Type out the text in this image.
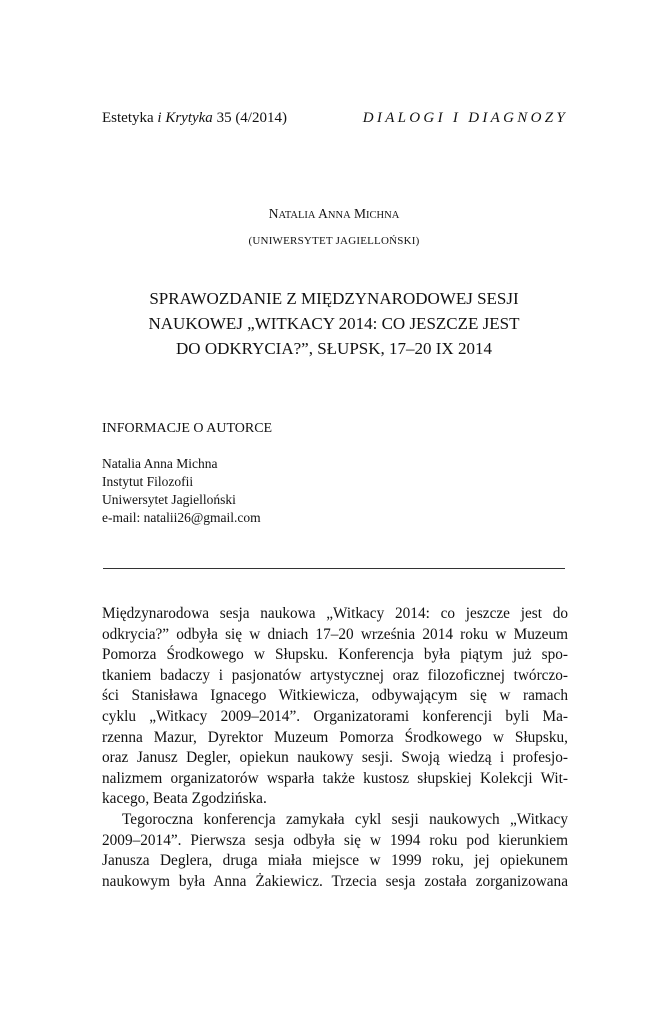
Estetyka i Krytyka 35 (4/2014)	DIALOGI I DIAGNOZY
NATALIA ANNA MICHNA
(UNIWERSYTET JAGIELLOŃSKI)
SPRAWOZDANIE Z MIĘDZYNARODOWEJ SESJI
NAUKOWEJ „WITKACY 2014: CO JESZCZE JEST
DO ODKRYCIA?”, SŁUPSK, 17–20 IX 2014
INFORMACJE O AUTORCE
Natalia Anna Michna
Instytut Filozofii
Uniwersytet Jagielloński
e-mail: natalii26@gmail.com
Międzynarodowa sesja naukowa „Witkacy 2014: co jeszcze jest do
odkrycia?” odbyła się w dniach 17–20 września 2014 roku w Muzeum
Pomorza Środkowego w Słupsku. Konferencja była piątym już spo-
tkaniem badaczy i pasjonatów artystycznej oraz filozoficznej twórczo-
ści Stanisława Ignacego Witkiewicza, odbywającym się w ramach
cyklu „Witkacy 2009–2014”. Organizatorami konferencji byli Ma-
rzenna Mazur, Dyrektor Muzeum Pomorza Środkowego w Słupsku,
oraz Janusz Degler, opiekun naukowy sesji. Swoją wiedzą i profesjo-
nalizmem organizatorów wsparła także kustosz słupskiej Kolekcji Wit-
kacego, Beata Zgodzińska.
Tegoroczna konferencja zamykała cykl sesji naukowych „Witkacy
2009–2014”. Pierwsza sesja odbyła się w 1994 roku pod kierunkiem
Janusza Deglera, druga miała miejsce w 1999 roku, jej opiekunem
naukowym była Anna Żakiewicz. Trzecia sesja została zorganizowana
